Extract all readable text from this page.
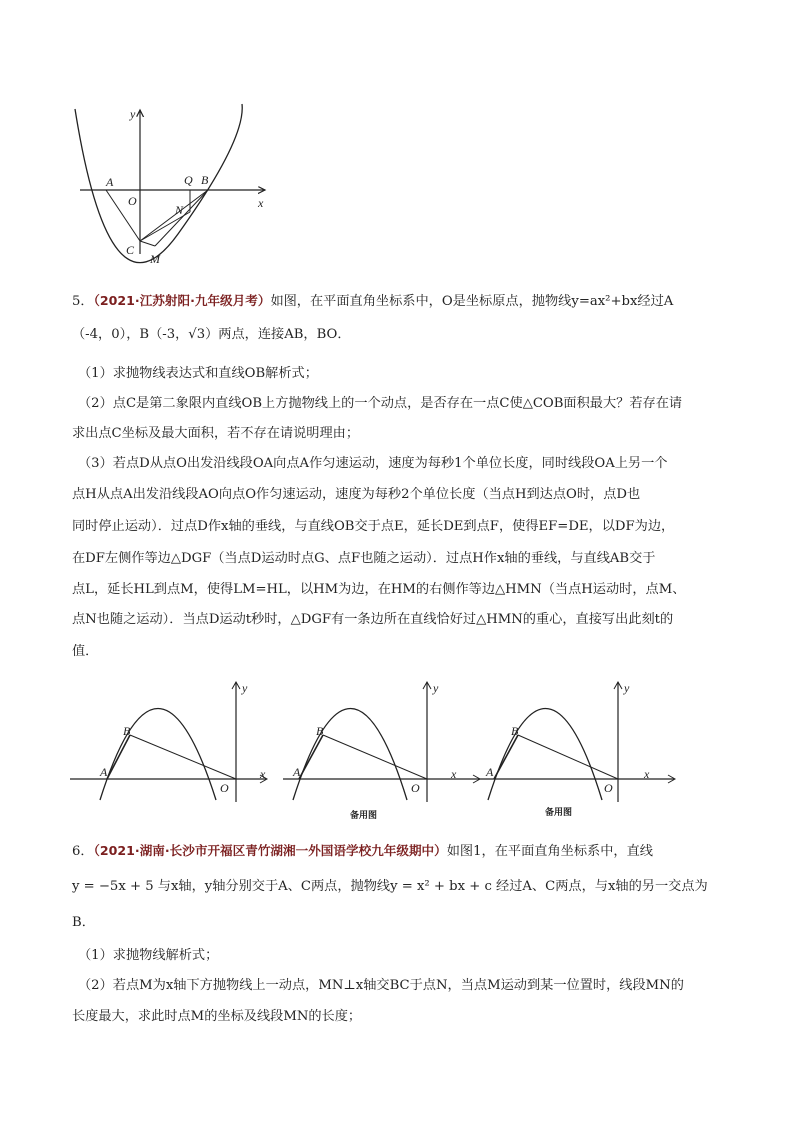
y
x
A
O
Q B
N
C
M
5．（2021·江苏射阳·九年级月考）如图，在平面直角坐标系中，O是坐标原点，抛物线y=ax²+bx经过A
（-4，0），B（-3，√3）两点，连接AB，BO．
（1）求抛物线表达式和直线OB解析式；
（2）点C是第二象限内直线OB上方抛物线上的一个动点，是否存在一点C使△COB面积最大？若存在请
求出点C坐标及最大面积，若不存在请说明理由；
（3）若点D从点O出发沿线段OA向点A作匀速运动，速度为每秒1个单位长度，同时线段OA上另一个
点H从点A出发沿线段AO向点O作匀速运动，速度为每秒2个单位长度（当点H到达点O时，点D也
同时停止运动）．过点D作x轴的垂线，与直线OB交于点E，延长DE到点F，使得EF=DE，以DF为边，
在DF左侧作等边△DGF（当点D运动时点G、点F也随之运动）．过点H作x轴的垂线，与直线AB交于
点L，延长HL到点M，使得LM=HL，以HM为边，在HM的右侧作等边△HMN（当点H运动时，点M、
点N也随之运动）．当点D运动t秒时，△DGF有一条边所在直线恰好过△HMN的重心，直接写出此刻t的
值．
y
x
B
A
O
y
x
B
A
O
备用图
y
x
B
A
O
备用图
6．（2021·湖南·长沙市开福区青竹湖湘一外国语学校九年级期中）如图1，在平面直角坐标系中，直线
y = −5x + 5 与x轴，y轴分别交于A、C两点，抛物线y = x² + bx + c 经过A、C两点，与x轴的另一交点为
B．
（1）求抛物线解析式；
（2）若点M为x轴下方抛物线上一动点，MN⊥x轴交BC于点N，当点M运动到某一位置时，线段MN的
长度最大，求此时点M的坐标及线段MN的长度；
